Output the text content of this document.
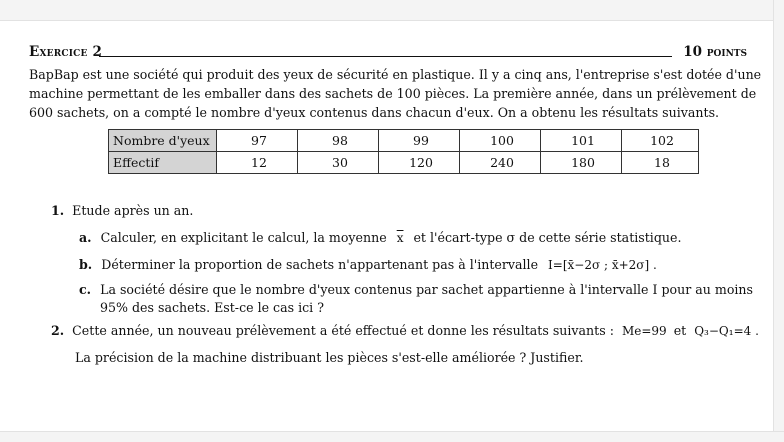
Exercice 2	10 points

BapBap est une société qui produit des yeux de sécurité en plastique. Il y a cinq ans, l'entreprise s'est dotée d'une
machine permettant de les emballer dans des sachets de 100 pièces. La première année, dans un prélèvement de
600 sachets, on a compté le nombre d'yeux contenus dans chacun d'eux. On a obtenu les résultats suivants.

Nombre d'yeux	97	98	99	100	101	102
Effectif	12	30	120	240	180	18
1. Etude après un an.
a. Calculer, en explicitant le calcul, la moyenne $\overline{x}$ et l'écart-type σ de cette série statistique.
b. Déterminer la proportion de sachets n'appartenant pas à l'intervalle I=[x̄−2σ ; x̄+2σ] .
c. La société désire que le nombre d'yeux contenus par sachet appartienne à l'intervalle I pour au moins
95% des sachets. Est-ce le cas ici ?
2. Cette année, un nouveau prélèvement a été effectué et donne les résultats suivants : Me=99 et Q₃−Q₁=4 .
La précision de la machine distribuant les pièces s'est-elle améliorée ? Justifier.
